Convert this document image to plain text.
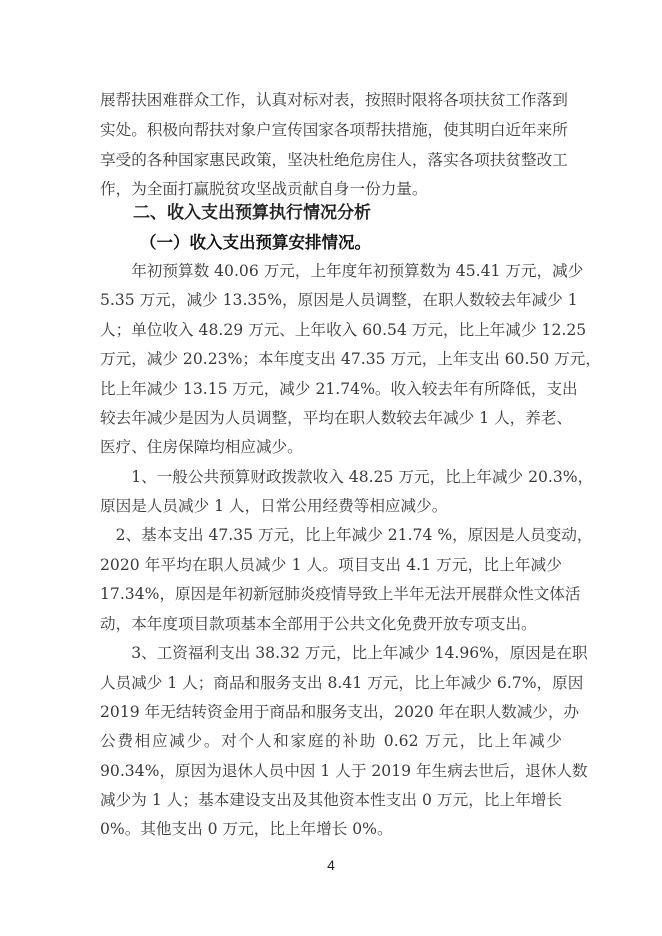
展帮扶困难群众工作，认真对标对表，按照时限将各项扶贫工作落到
实处。积极向帮扶对象户宣传国家各项帮扶措施，使其明白近年来所
享受的各种国家惠民政策，坚决杜绝危房住人，落实各项扶贫整改工
作，为全面打赢脱贫攻坚战贡献自身一份力量。
二、收入支出预算执行情况分析
（一）收入支出预算安排情况。
　　年初预算数 40.06 万元，上年度年初预算数为 45.41 万元，减少
5.35 万元，减少 13.35%，原因是人员调整，在职人数较去年减少 1
人；单位收入 48.29 万元、上年收入 60.54 万元，比上年减少 12.25
万元，减少 20.23%；本年度支出 47.35 万元，上年支出 60.50 万元，
比上年减少 13.15 万元，减少 21.74%。收入较去年有所降低，支出
较去年减少是因为人员调整，平均在职人数较去年减少 1 人，养老、
医疗、住房保障均相应减少。
　　1、一般公共预算财政拨款收入 48.25 万元，比上年减少 20.3%，
原因是人员减少 1 人，日常公用经费等相应减少。
　2、基本支出 47.35 万元，比上年减少 21.74 %，原因是人员变动，
2020 年平均在职人员减少 1 人。项目支出 4.1 万元，比上年减少
17.34%，原因是年初新冠肺炎疫情导致上半年无法开展群众性文体活
动，本年度项目款项基本全部用于公共文化免费开放专项支出。
　　3、工资福利支出 38.32 万元，比上年减少 14.96%，原因是在职
人员减少 1 人；商品和服务支出 8.41 万元，比上年减少 6.7%，原因
2019 年无结转资金用于商品和服务支出，2020 年在职人数减少，办
公费相应减少。对个人和家庭的补助 0.62 万元，比上年减少
90.34%，原因为退休人员中因 1 人于 2019 年生病去世后，退休人数
减少为 1 人；基本建设支出及其他资本性支出 0 万元，比上年增长
0%。其他支出 0 万元，比上年增长 0%。
4
